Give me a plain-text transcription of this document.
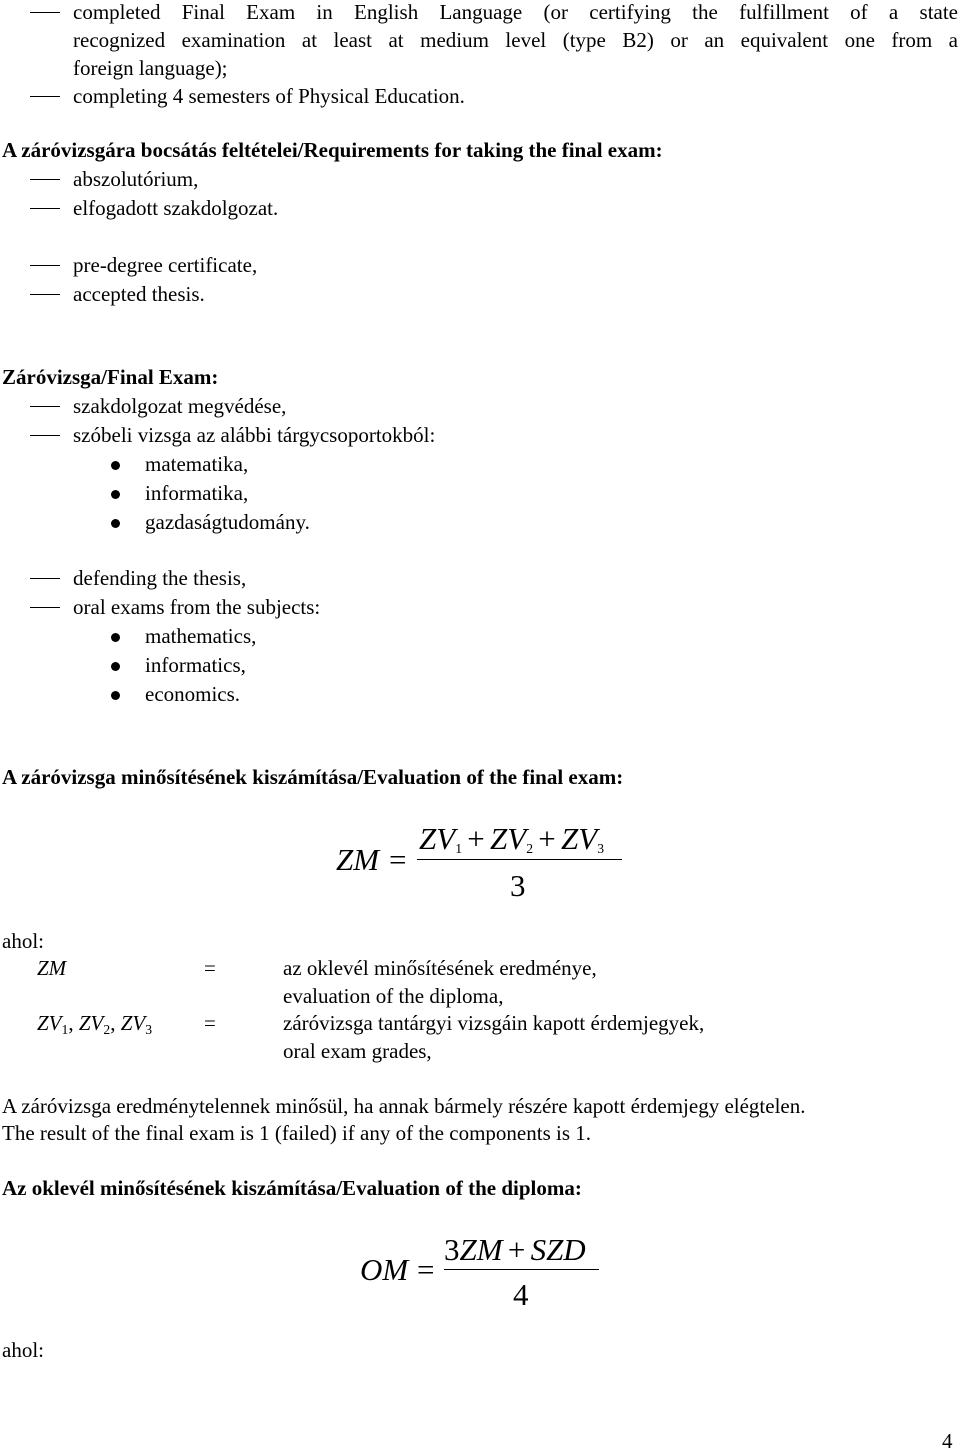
completed Final Exam in English Language (or certifying the fulfillment of a state
recognized examination at least at medium level (type B2) or an equivalent one from a
foreign language);
completing 4 semesters of Physical Education.
A záróvizsgára bocsátás feltételei/Requirements for taking the final exam:
abszolutórium,
elfogadott szakdolgozat.
pre-degree certificate,
accepted thesis.
Záróvizsga/Final Exam:
szakdolgozat megvédése,
szóbeli vizsga az alábbi tárgycsoportokból:
matematika,
informatika,
gazdaságtudomány.
defending the thesis,
oral exams from the subjects:
mathematics,
informatics,
economics.
A záróvizsga minősítésének kiszámítása/Evaluation of the final exam:
ZM =
$ZV_1 + ZV_2 + ZV_3$
3
ahol:
ZM	=	az oklevél minősítésének eredménye,
evaluation of the diploma,
$ZV_1$, $ZV_2$, $ZV_3$ =	záróvizsga tantárgyi vizsgáin kapott érdemjegyek,
oral exam grades,
A záróvizsga eredménytelennek minősül, ha annak bármely részére kapott érdemjegy elégtelen.
The result of the final exam is 1 (failed) if any of the components is 1.
Az oklevél minősítésének kiszámítása/Evaluation of the diploma:
OM =
3ZM + SZD
4
ahol:
4
